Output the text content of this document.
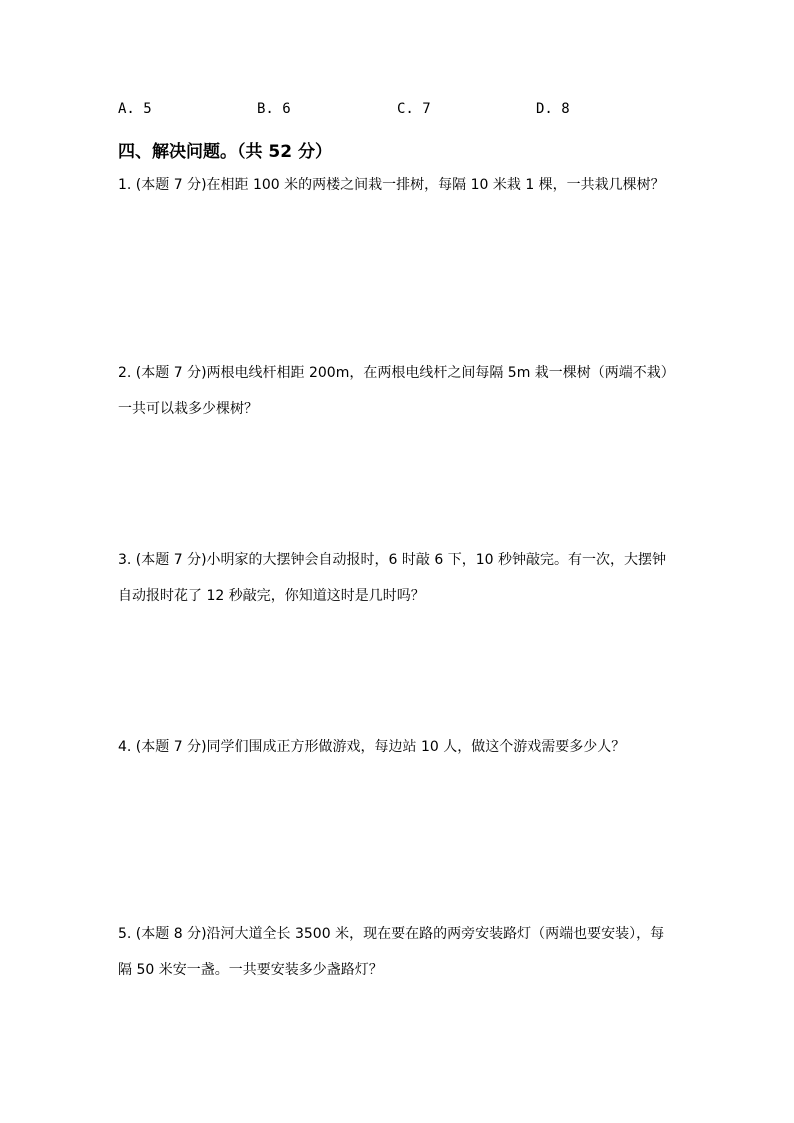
A. 5	B. 6	C. 7	D. 8
四、解决问题。（共 52 分）

1. (本题 7 分)在相距 100 米的两楼之间栽一排树，每隔 10 米栽 1 棵，一共栽几棵树？

2. (本题 7 分)两根电线杆相距 200m，在两根电线杆之间每隔 5m 栽一棵树（两端不栽）一共可以栽多少棵树？

3. (本题 7 分)小明家的大摆钟会自动报时，6 时敲 6 下，10 秒钟敲完。有一次，大摆钟自动报时花了 12 秒敲完，你知道这时是几时吗？

4. (本题 7 分)同学们围成正方形做游戏，每边站 10 人，做这个游戏需要多少人？

5. (本题 8 分)沿河大道全长 3500 米，现在要在路的两旁安装路灯（两端也要安装），每隔 50 米安一盏。一共要安装多少盏路灯？
